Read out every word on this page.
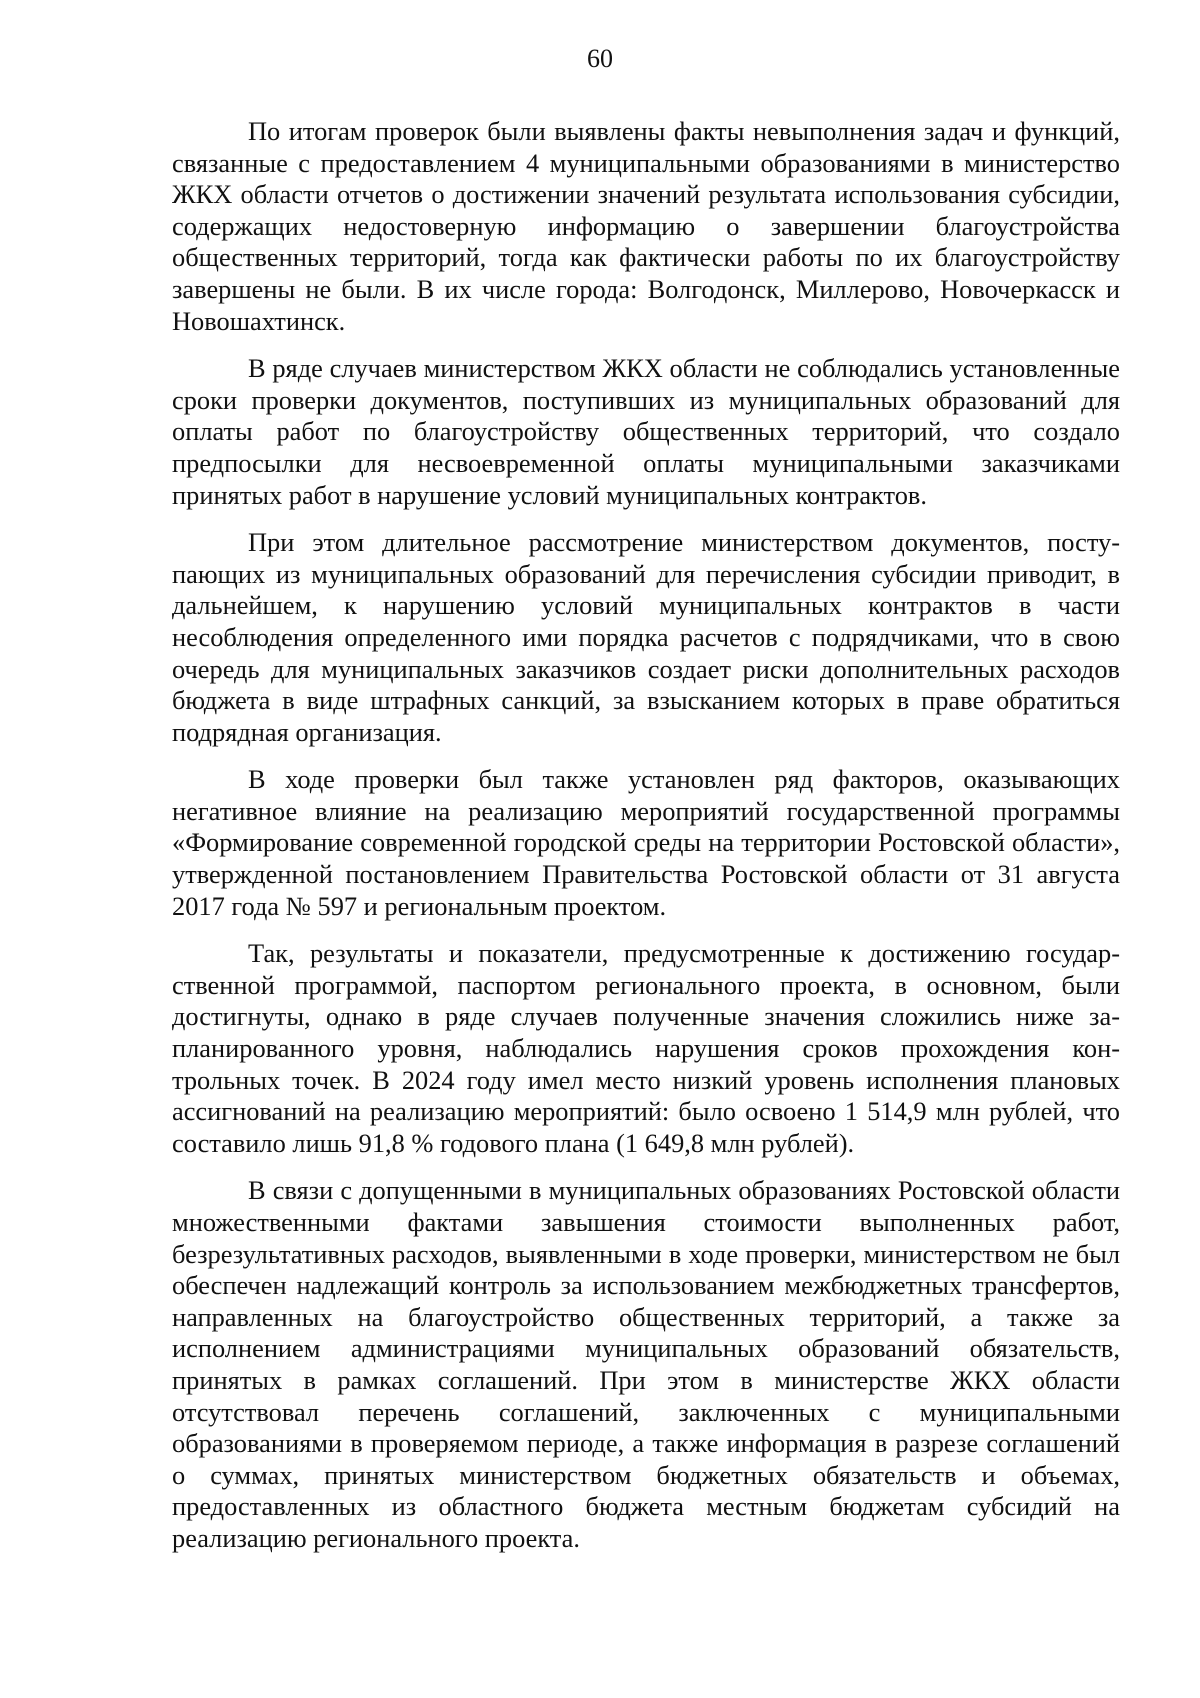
60

По итогам проверок были выявлены факты невыполнения задач и функций, связанные с предоставлением 4 муниципальными образованиями в министерство ЖКХ области отчетов о достижении значений результата использования субсидии, содержащих недостоверную информацию о завершении благоустройства общественных территорий, тогда как фактически работы по их благоустройству завершены не были. В их числе города: Волгодонск, Миллерово, Новочеркасск и Новошахтинск.

В ряде случаев министерством ЖКХ области не соблюдались установленные сроки проверки документов, поступивших из муниципальных образований для оплаты работ по благоустройству общественных территорий, что создало предпосылки для несвоевременной оплаты муниципальными заказчиками принятых работ в нарушение условий муниципальных контрактов.

При этом длительное рассмотрение министерством документов, поступающих из муниципальных образований для перечисления субсидии приводит, в дальнейшем, к нарушению условий муниципальных контрактов в части несоблюдения определенного ими порядка расчетов с подрядчиками, что в свою очередь для муниципальных заказчиков создает риски дополнительных расходов бюджета в виде штрафных санкций, за взысканием которых в праве обратиться подрядная организация.

В ходе проверки был также установлен ряд факторов, оказывающих негативное влияние на реализацию мероприятий государственной программы «Формирование современной городской среды на территории Ростовской области», утвержденной постановлением Правительства Ростовской области от 31 августа 2017 года № 597 и региональным проектом.

Так, результаты и показатели, предусмотренные к достижению государственной программой, паспортом регионального проекта, в основном, были достигнуты, однако в ряде случаев полученные значения сложились ниже запланированного уровня, наблюдались нарушения сроков прохождения контрольных точек. В 2024 году имел место низкий уровень исполнения плановых ассигнований на реализацию мероприятий: было освоено 1 514,9 млн рублей, что составило лишь 91,8 % годового плана (1 649,8 млн рублей).

В связи с допущенными в муниципальных образованиях Ростовской области множественными фактами завышения стоимости выполненных работ, безрезультативных расходов, выявленными в ходе проверки, министерством не был обеспечен надлежащий контроль за использованием межбюджетных трансфертов, направленных на благоустройство общественных территорий, а также за исполнением администрациями муниципальных образований обязательств, принятых в рамках соглашений. При этом в министерстве ЖКХ области отсутствовал перечень соглашений, заключенных с муниципальными образованиями в проверяемом периоде, а также информация в разрезе соглашений о суммах, принятых министерством бюджетных обязательств и объемах, предоставленных из областного бюджета местным бюджетам субсидий на реализацию регионального проекта.
